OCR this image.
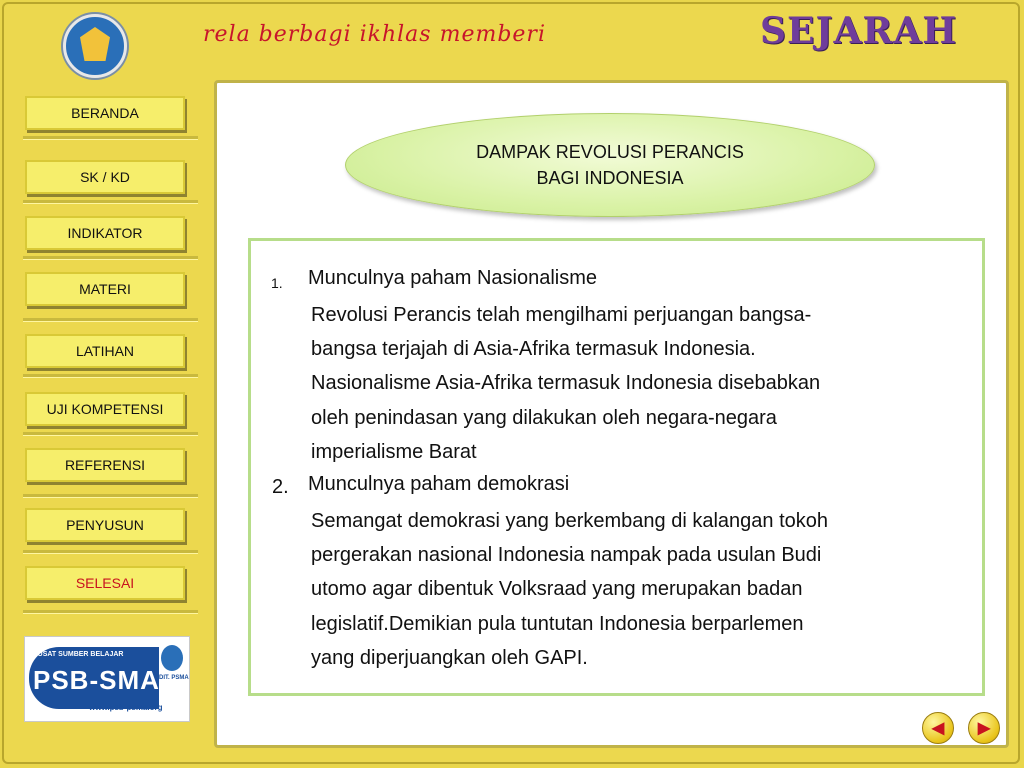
rela berbagi ikhlas memberi	SEJARAH
BERANDA
SK / KD
INDIKATOR
MATERI
LATIHAN
UJI KOMPETENSI
REFERENSI
PENYUSUN
SELESAI
PUSAT SUMBER BELAJAR
PSB-SMA
www.psb-psma.org
DIT. PSMA
DAMPAK REVOLUSI PERANCIS
BAGI INDONESIA
1. Munculnya paham Nasionalisme
Revolusi Perancis telah mengilhami perjuangan bangsa-
bangsa terjajah di Asia-Afrika termasuk Indonesia.
Nasionalisme Asia-Afrika termasuk Indonesia disebabkan
oleh penindasan yang dilakukan oleh negara-negara
imperialisme Barat
2. Munculnya paham demokrasi
Semangat demokrasi yang berkembang di kalangan tokoh
pergerakan nasional Indonesia nampak pada usulan Budi
utomo agar dibentuk Volksraad yang merupakan badan
legislatif.Demikian pula tuntutan Indonesia berparlemen
yang diperjuangkan oleh GAPI.
◀ ▶
